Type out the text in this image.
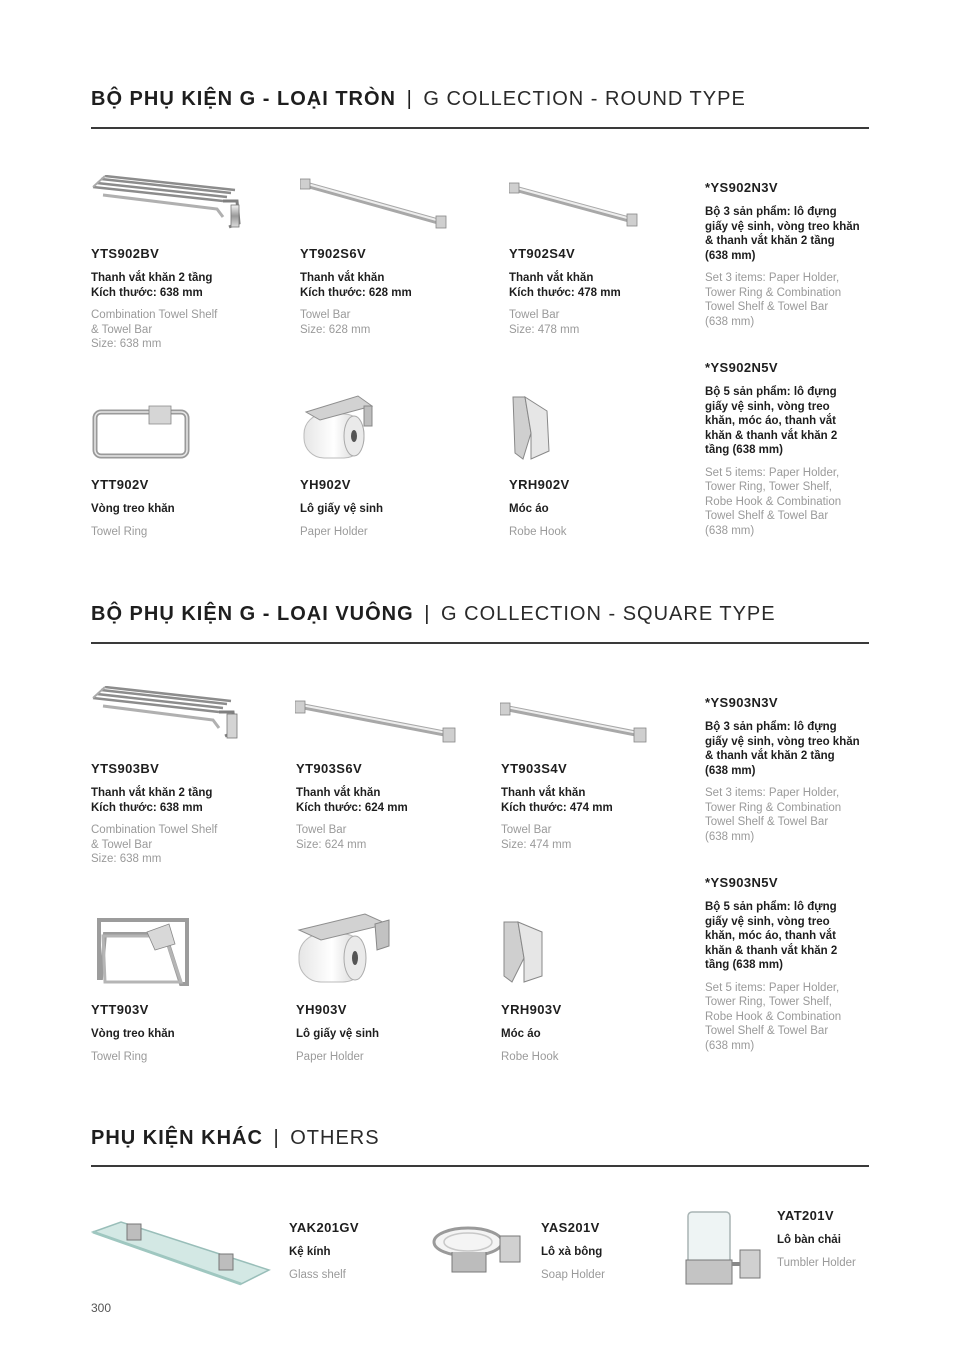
BỘ PHỤ KIỆN G - LOẠI TRÒN | G COLLECTION - ROUND TYPE
YTS902BV
Thanh vắt khăn 2 tầng
Kích thước: 638 mm
Combination Towel Shelf
& Towel Bar
Size: 638 mm
YT902S6V
Thanh vắt khăn
Kích thước: 628 mm
Towel Bar
Size: 628 mm
YT902S4V
Thanh vắt khăn
Kích thước: 478 mm
Towel Bar
Size: 478 mm
*YS902N3V
Bộ 3 sản phẩm: lô đựng
giấy vệ sinh, vòng treo khăn
& thanh vắt khăn 2 tầng
(638 mm)
Set 3 items: Paper Holder,
Tower Ring & Combination
Towel Shelf & Towel Bar
(638 mm)
YTT902V
Vòng treo khăn
Towel Ring
YH902V
Lô giấy vệ sinh
Paper Holder
YRH902V
Móc áo
Robe Hook
*YS902N5V
Bộ 5 sản phẩm: lô đựng
giấy vệ sinh, vòng treo
khăn, móc áo, thanh vắt
khăn & thanh vắt khăn 2
tầng (638 mm)
Set 5 items: Paper Holder,
Tower Ring, Tower Shelf,
Robe Hook & Combination
Towel Shelf & Towel Bar
(638 mm)
BỘ PHỤ KIỆN G - LOẠI VUÔNG | G COLLECTION - SQUARE TYPE
YTS903BV
Thanh vắt khăn 2 tầng
Kích thước: 638 mm
Combination Towel Shelf
& Towel Bar
Size: 638 mm
YT903S6V
Thanh vắt khăn
Kích thước: 624 mm
Towel Bar
Size: 624 mm
YT903S4V
Thanh vắt khăn
Kích thước: 474 mm
Towel Bar
Size: 474 mm
*YS903N3V
Bộ 3 sản phẩm: lô đựng
giấy vệ sinh, vòng treo khăn
& thanh vắt khăn 2 tầng
(638 mm)
Set 3 items: Paper Holder,
Tower Ring & Combination
Towel Shelf & Towel Bar
(638 mm)
YTT903V
Vòng treo khăn
Towel Ring
YH903V
Lô giấy vệ sinh
Paper Holder
YRH903V
Móc áo
Robe Hook
*YS903N5V
Bộ 5 sản phẩm: lô đựng
giấy vệ sinh, vòng treo
khăn, móc áo, thanh vắt
khăn & thanh vắt khăn 2
tầng (638 mm)
Set 5 items: Paper Holder,
Tower Ring, Tower Shelf,
Robe Hook & Combination
Towel Shelf & Towel Bar
(638 mm)
PHỤ KIỆN KHÁC | OTHERS
YAK201GV
Kệ kính
Glass shelf
YAS201V
Lô xà bông
Soap Holder
YAT201V
Lô bàn chải
Tumbler Holder
300
